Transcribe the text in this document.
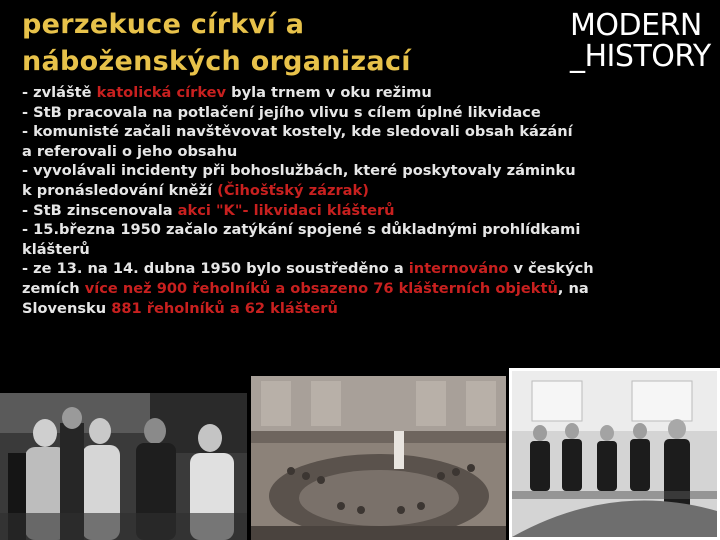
perzekuce církví a
náboženských organizací
MODERN
_HISTORY
- zvláště katolická církev byla trnem v oku režimu
- StB pracovala na potlačení jejího vlivu s cílem úplné likvidace
- komunisté začali navštěvovat kostely, kde sledovali obsah kázání
a referovali o jeho obsahu
- vyvolávali incidenty při bohoslužbách, které poskytovaly záminku
k pronásledování kněží (Čihošťský zázrak)
- StB zinscenovala akci "K"- likvidaci klášterů
- 15.března 1950 začalo zatýkání spojené s důkladnými prohlídkami
klášterů
- ze 13. na 14. dubna 1950 bylo soustředěno a internováno v českých
zemích více než 900 řeholníků a obsazeno 76 klášterních objektů, na
Slovensku 881 řeholníků a 62 klášterů
